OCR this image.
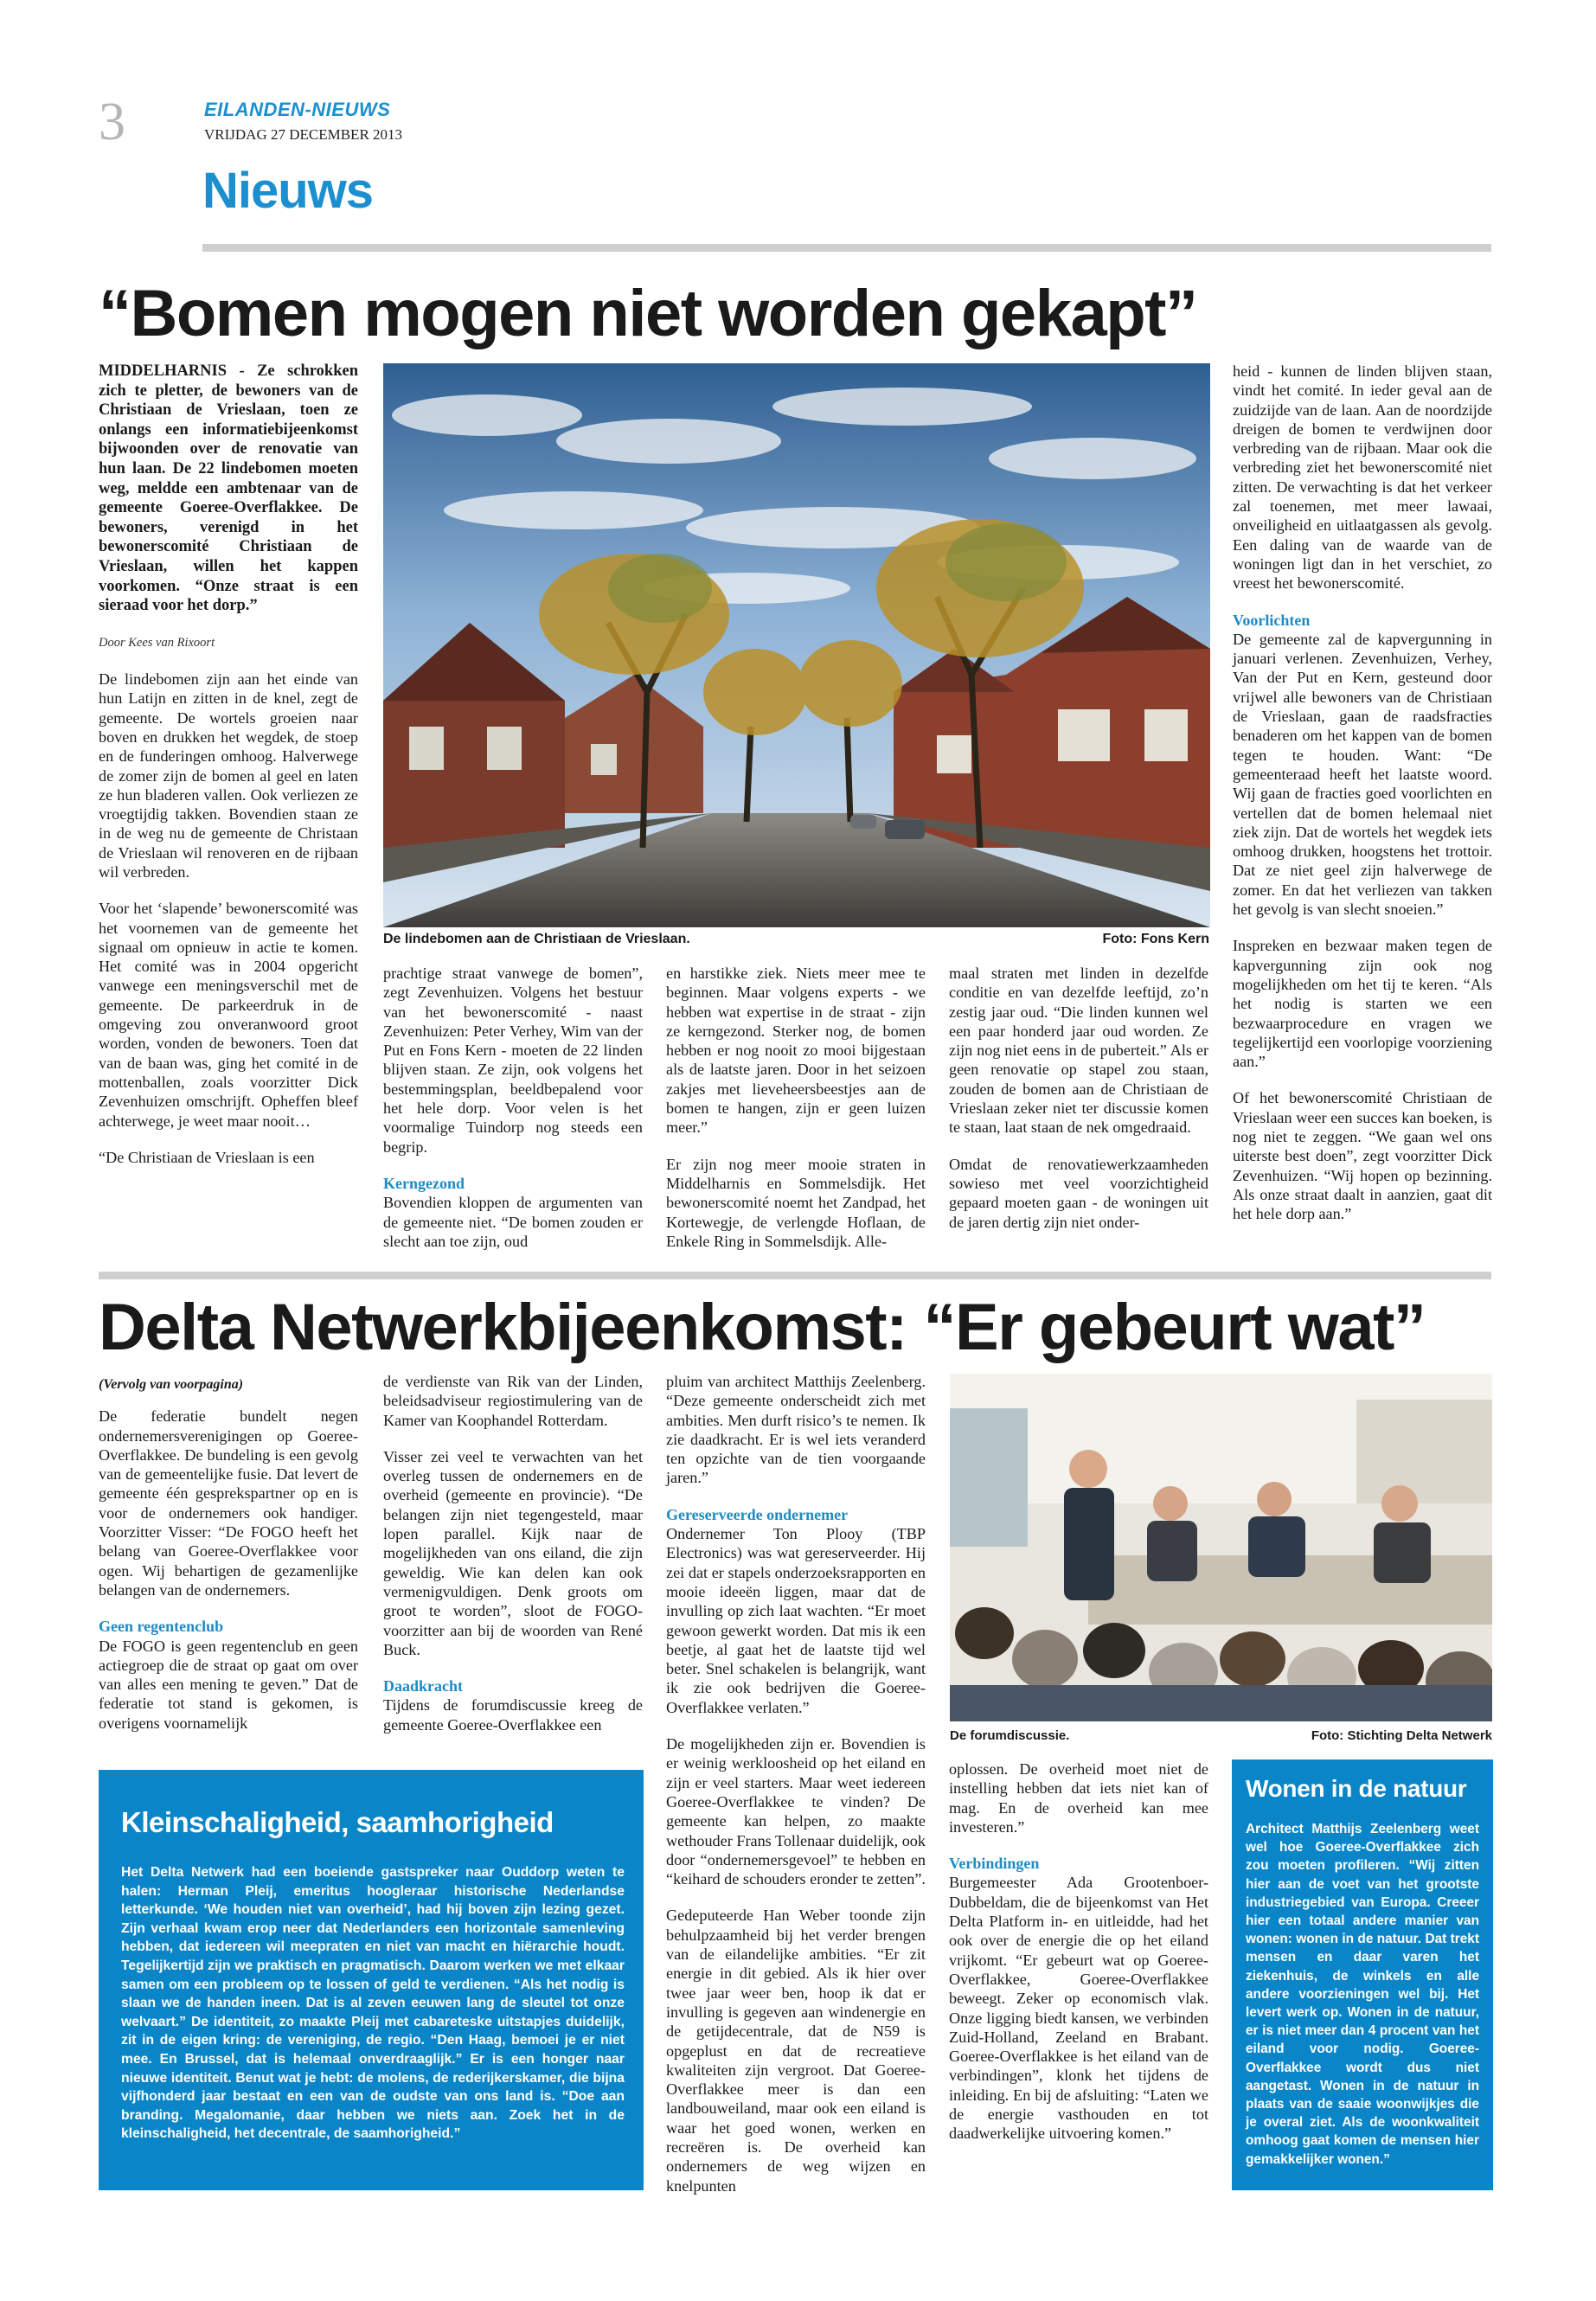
3	EILANDEN-NIEUWS
VRIJDAG 27 DECEMBER 2013
Nieuws
“Bomen mogen niet worden gekapt”

MIDDELHARNIS - Ze schrokken zich te pletter, de bewoners van de Christiaan de Vrieslaan, toen ze onlangs een informatiebijeenkomst bijwoonden over de renovatie van hun laan. De 22 lindebomen moeten weg, meldde een ambtenaar van de gemeente Goeree-Overflakkee. De bewoners, verenigd in het bewonerscomité Christiaan de Vrieslaan, willen het kappen voorkomen. “Onze straat is een sieraad voor het dorp.”

Door Kees van Rixoort

De lindebomen zijn aan het einde van hun Latijn en zitten in de knel, zegt de gemeente. De wortels groeien naar boven en drukken het wegdek, de stoep en de funderingen omhoog. Halverwege de zomer zijn de bomen al geel en laten ze hun bladeren vallen. Ook verliezen ze vroegtijdig takken. Bovendien staan ze in de weg nu de gemeente de Christaan de Vrieslaan wil renoveren en de rijbaan wil verbreden.

Voor het ‘slapende’ bewonerscomité was het voornemen van de gemeente het signaal om opnieuw in actie te komen. Het comité was in 2004 opgericht vanwege een meningsverschil met de gemeente. De parkeerdruk in de omgeving zou onveranwoord groot worden, vonden de bewoners. Toen dat van de baan was, ging het comité in de mottenballen, zoals voorzitter Dick Zevenhuizen omschrijft. Opheffen bleef achterwege, je weet maar nooit…

“De Christiaan de Vrieslaan is een

De lindebomen aan de Christiaan de Vrieslaan.	Foto: Fons Kern

prachtige straat vanwege de bomen”, zegt Zevenhuizen. Volgens het bestuur van het bewonerscomité - naast Zevenhuizen: Peter Verhey, Wim van der Put en Fons Kern - moeten de 22 linden blijven staan. Ze zijn, ook volgens het bestemmingsplan, beeldbepalend voor het hele dorp. Voor velen is het voormalige Tuindorp nog steeds een begrip.

Kerngezond

Bovendien kloppen de argumenten van de gemeente niet. “De bomen zouden er slecht aan toe zijn, oud

en harstikke ziek. Niets meer mee te beginnen. Maar volgens experts - we hebben wat expertise in de straat - zijn ze kerngezond. Sterker nog, de bomen hebben er nog nooit zo mooi bijgestaan als de laatste jaren. Door in het seizoen zakjes met lieveheersbeestjes aan de bomen te hangen, zijn er geen luizen meer.”

Er zijn nog meer mooie straten in Middelharnis en Sommelsdijk. Het bewonerscomité noemt het Zandpad, het Kortewegje, de verlengde Hoflaan, de Enkele Ring in Sommelsdijk. Alle-

maal straten met linden in dezelfde conditie en van dezelfde leeftijd, zo’n zestig jaar oud. “Die linden kunnen wel een paar honderd jaar oud worden. Ze zijn nog niet eens in de puberteit.” Als er geen renovatie op stapel zou staan, zouden de bomen aan de Christiaan de Vrieslaan zeker niet ter discussie komen te staan, laat staan de nek omgedraaid.

Omdat de renovatiewerkzaamheden sowieso met veel voorzichtigheid gepaard moeten gaan - de woningen uit de jaren dertig zijn niet onder-

heid - kunnen de linden blijven staan, vindt het comité. In ieder geval aan de zuidzijde van de laan. Aan de noordzijde dreigen de bomen te verdwijnen door verbreding van de rijbaan. Maar ook die verbreding ziet het bewonerscomité niet zitten. De verwachting is dat het verkeer zal toenemen, met meer lawaai, onveiligheid en uitlaatgassen als gevolg. Een daling van de waarde van de woningen ligt dan in het verschiet, zo vreest het bewonerscomité.

Voorlichten

De gemeente zal de kapvergunning in januari verlenen. Zevenhuizen, Verhey, Van der Put en Kern, gesteund door vrijwel alle bewoners van de Christiaan de Vrieslaan, gaan de raadsfracties benaderen om het kappen van de bomen tegen te houden. Want: “De gemeenteraad heeft het laatste woord. Wij gaan de fracties goed voorlichten en vertellen dat de bomen helemaal niet ziek zijn. Dat de wortels het wegdek iets omhoog drukken, hoogstens het trottoir. Dat ze niet geel zijn halverwege de zomer. En dat het verliezen van takken het gevolg is van slecht snoeien.”

Inspreken en bezwaar maken tegen de kapvergunning zijn ook nog mogelijkheden om het tij te keren. “Als het nodig is starten we een bezwaarprocedure en vragen we tegelijkertijd een voorlopige voorziening aan.”

Of het bewonerscomité Christiaan de Vrieslaan weer een succes kan boeken, is nog niet te zeggen. “We gaan wel ons uiterste best doen”, zegt voorzitter Dick Zevenhuizen. “Wij hopen op bezinning. Als onze straat daalt in aanzien, gaat dit het hele dorp aan.”

Delta Netwerkbijeenkomst: “Er gebeurt wat”

(Vervolg van voorpagina)

De federatie bundelt negen ondernemersverenigingen op Goeree-Overflakkee. De bundeling is een gevolg van de gemeentelijke fusie. Dat levert de gemeente één gesprekspartner op en is voor de ondernemers ook handiger. Voorzitter Visser: “De FOGO heeft het belang van Goeree-Overflakkee voor ogen. Wij behartigen de gezamenlijke belangen van de ondernemers.

Geen regentenclub

De FOGO is geen regentenclub en geen actiegroep die de straat op gaat om over van alles een mening te geven.” Dat de federatie tot stand is gekomen, is overigens voornamelijk

de verdienste van Rik van der Linden, beleidsadviseur regiostimulering van de Kamer van Koophandel Rotterdam.

Visser zei veel te verwachten van het overleg tussen de ondernemers en de overheid (gemeente en provincie). “De belangen zijn niet tegengesteld, maar lopen parallel. Kijk naar de mogelijkheden van ons eiland, die zijn geweldig. Wie kan delen kan ook vermenigvuldigen. Denk groots om groot te worden”, sloot de FOGO-voorzitter aan bij de woorden van René Buck.

Daadkracht

Tijdens de forumdiscussie kreeg de gemeente Goeree-Overflakkee een

pluim van architect Matthijs Zeelenberg. “Deze gemeente onderscheidt zich met ambities. Men durft risico’s te nemen. Ik zie daadkracht. Er is wel iets veranderd ten opzichte van de tien voorgaande jaren.”

Gereserveerde ondernemer

Ondernemer Ton Plooy (TBP Electronics) was wat gereserveerder. Hij zei dat er stapels onderzoeksrapporten en mooie ideeën liggen, maar dat de invulling op zich laat wachten. “Er moet gewoon gewerkt worden. Dat mis ik een beetje, al gaat het de laatste tijd wel beter. Snel schakelen is belangrijk, want ik zie ook bedrijven die Goeree-Overflakkee verlaten.”

De mogelijkheden zijn er. Bovendien is er weinig werkloosheid op het eiland en zijn er veel starters. Maar weet iedereen Goeree-Overflakkee te vinden? De gemeente kan helpen, zo maakte wethouder Frans Tollenaar duidelijk, ook door “ondernemersgevoel” te hebben en “keihard de schouders eronder te zetten”.

Gedeputeerde Han Weber toonde zijn behulpzaamheid bij het verder brengen van de eilandelijke ambities. “Er zit energie in dit gebied. Als ik hier over twee jaar weer ben, hoop ik dat er invulling is gegeven aan windenergie en de getijdecentrale, dat de N59 is opgeplust en dat de recreatieve kwaliteiten zijn vergroot. Dat Goeree-Overflakkee meer is dan een landbouweiland, maar ook een eiland is waar het goed wonen, werken en recreëren is. De overheid kan ondernemers de weg wijzen en knelpunten

De forumdiscussie.	Foto: Stichting Delta Netwerk

oplossen. De overheid moet niet de instelling hebben dat iets niet kan of mag. En de overheid kan mee investeren.”

Verbindingen

Burgemeester Ada Grootenboer-Dubbeldam, die de bijeenkomst van Het Delta Platform in- en uitleidde, had het ook over de energie die op het eiland vrijkomt. “Er gebeurt wat op Goeree-Overflakkee, Goeree-Overflakkee beweegt. Zeker op economisch vlak. Onze ligging biedt kansen, we verbinden Zuid-Holland, Zeeland en Brabant. Goeree-Overflakkee is het eiland van de verbindingen”, klonk het tijdens de inleiding. En bij de afsluiting: “Laten we de energie vasthouden en tot daadwerkelijke uitvoering komen.”

Kleinschaligheid, saamhorigheid
Het Delta Netwerk had een boeiende gastspreker naar Ouddorp weten te halen: Herman Pleij, emeritus hoogleraar historische Nederlandse letterkunde. ‘We houden niet van overheid’, had hij boven zijn lezing gezet. Zijn verhaal kwam erop neer dat Nederlanders een horizontale samenleving hebben, dat iedereen wil meepraten en niet van macht en hiërarchie houdt. Tegelijkertijd zijn we praktisch en pragmatisch. Daarom werken we met elkaar samen om een probleem op te lossen of geld te verdienen. “Als het nodig is slaan we de handen ineen. Dat is al zeven eeuwen lang de sleutel tot onze welvaart.” De identiteit, zo maakte Pleij met cabareteske uitstapjes duidelijk, zit in de eigen kring: de vereniging, de regio. “Den Haag, bemoei je er niet mee. En Brussel, dat is helemaal onverdraaglijk.” Er is een honger naar nieuwe identiteit. Benut wat je hebt: de molens, de rederijkerskamer, die bijna vijfhonderd jaar bestaat en een van de oudste van ons land is. “Doe aan branding. Megalomanie, daar hebben we niets aan. Zoek het in de kleinschaligheid, het decentrale, de saamhorigheid.”
Wonen in de natuur
Architect Matthijs Zeelenberg weet wel hoe Goeree-Overflakkee zich zou moeten profileren. “Wij zitten hier aan de voet van het grootste industriegebied van Europa. Creeer hier een totaal andere manier van wonen: wonen in de natuur. Dat trekt mensen en daar varen het ziekenhuis, de winkels en alle andere voorzieningen wel bij. Het levert werk op. Wonen in de natuur, er is niet meer dan 4 procent van het eiland voor nodig. Goeree-Overflakkee wordt dus niet aangetast. Wonen in de natuur in plaats van de saaie woonwijkjes die je overal ziet. Als de woonkwaliteit omhoog gaat komen de mensen hier gemakkelijker wonen.”
